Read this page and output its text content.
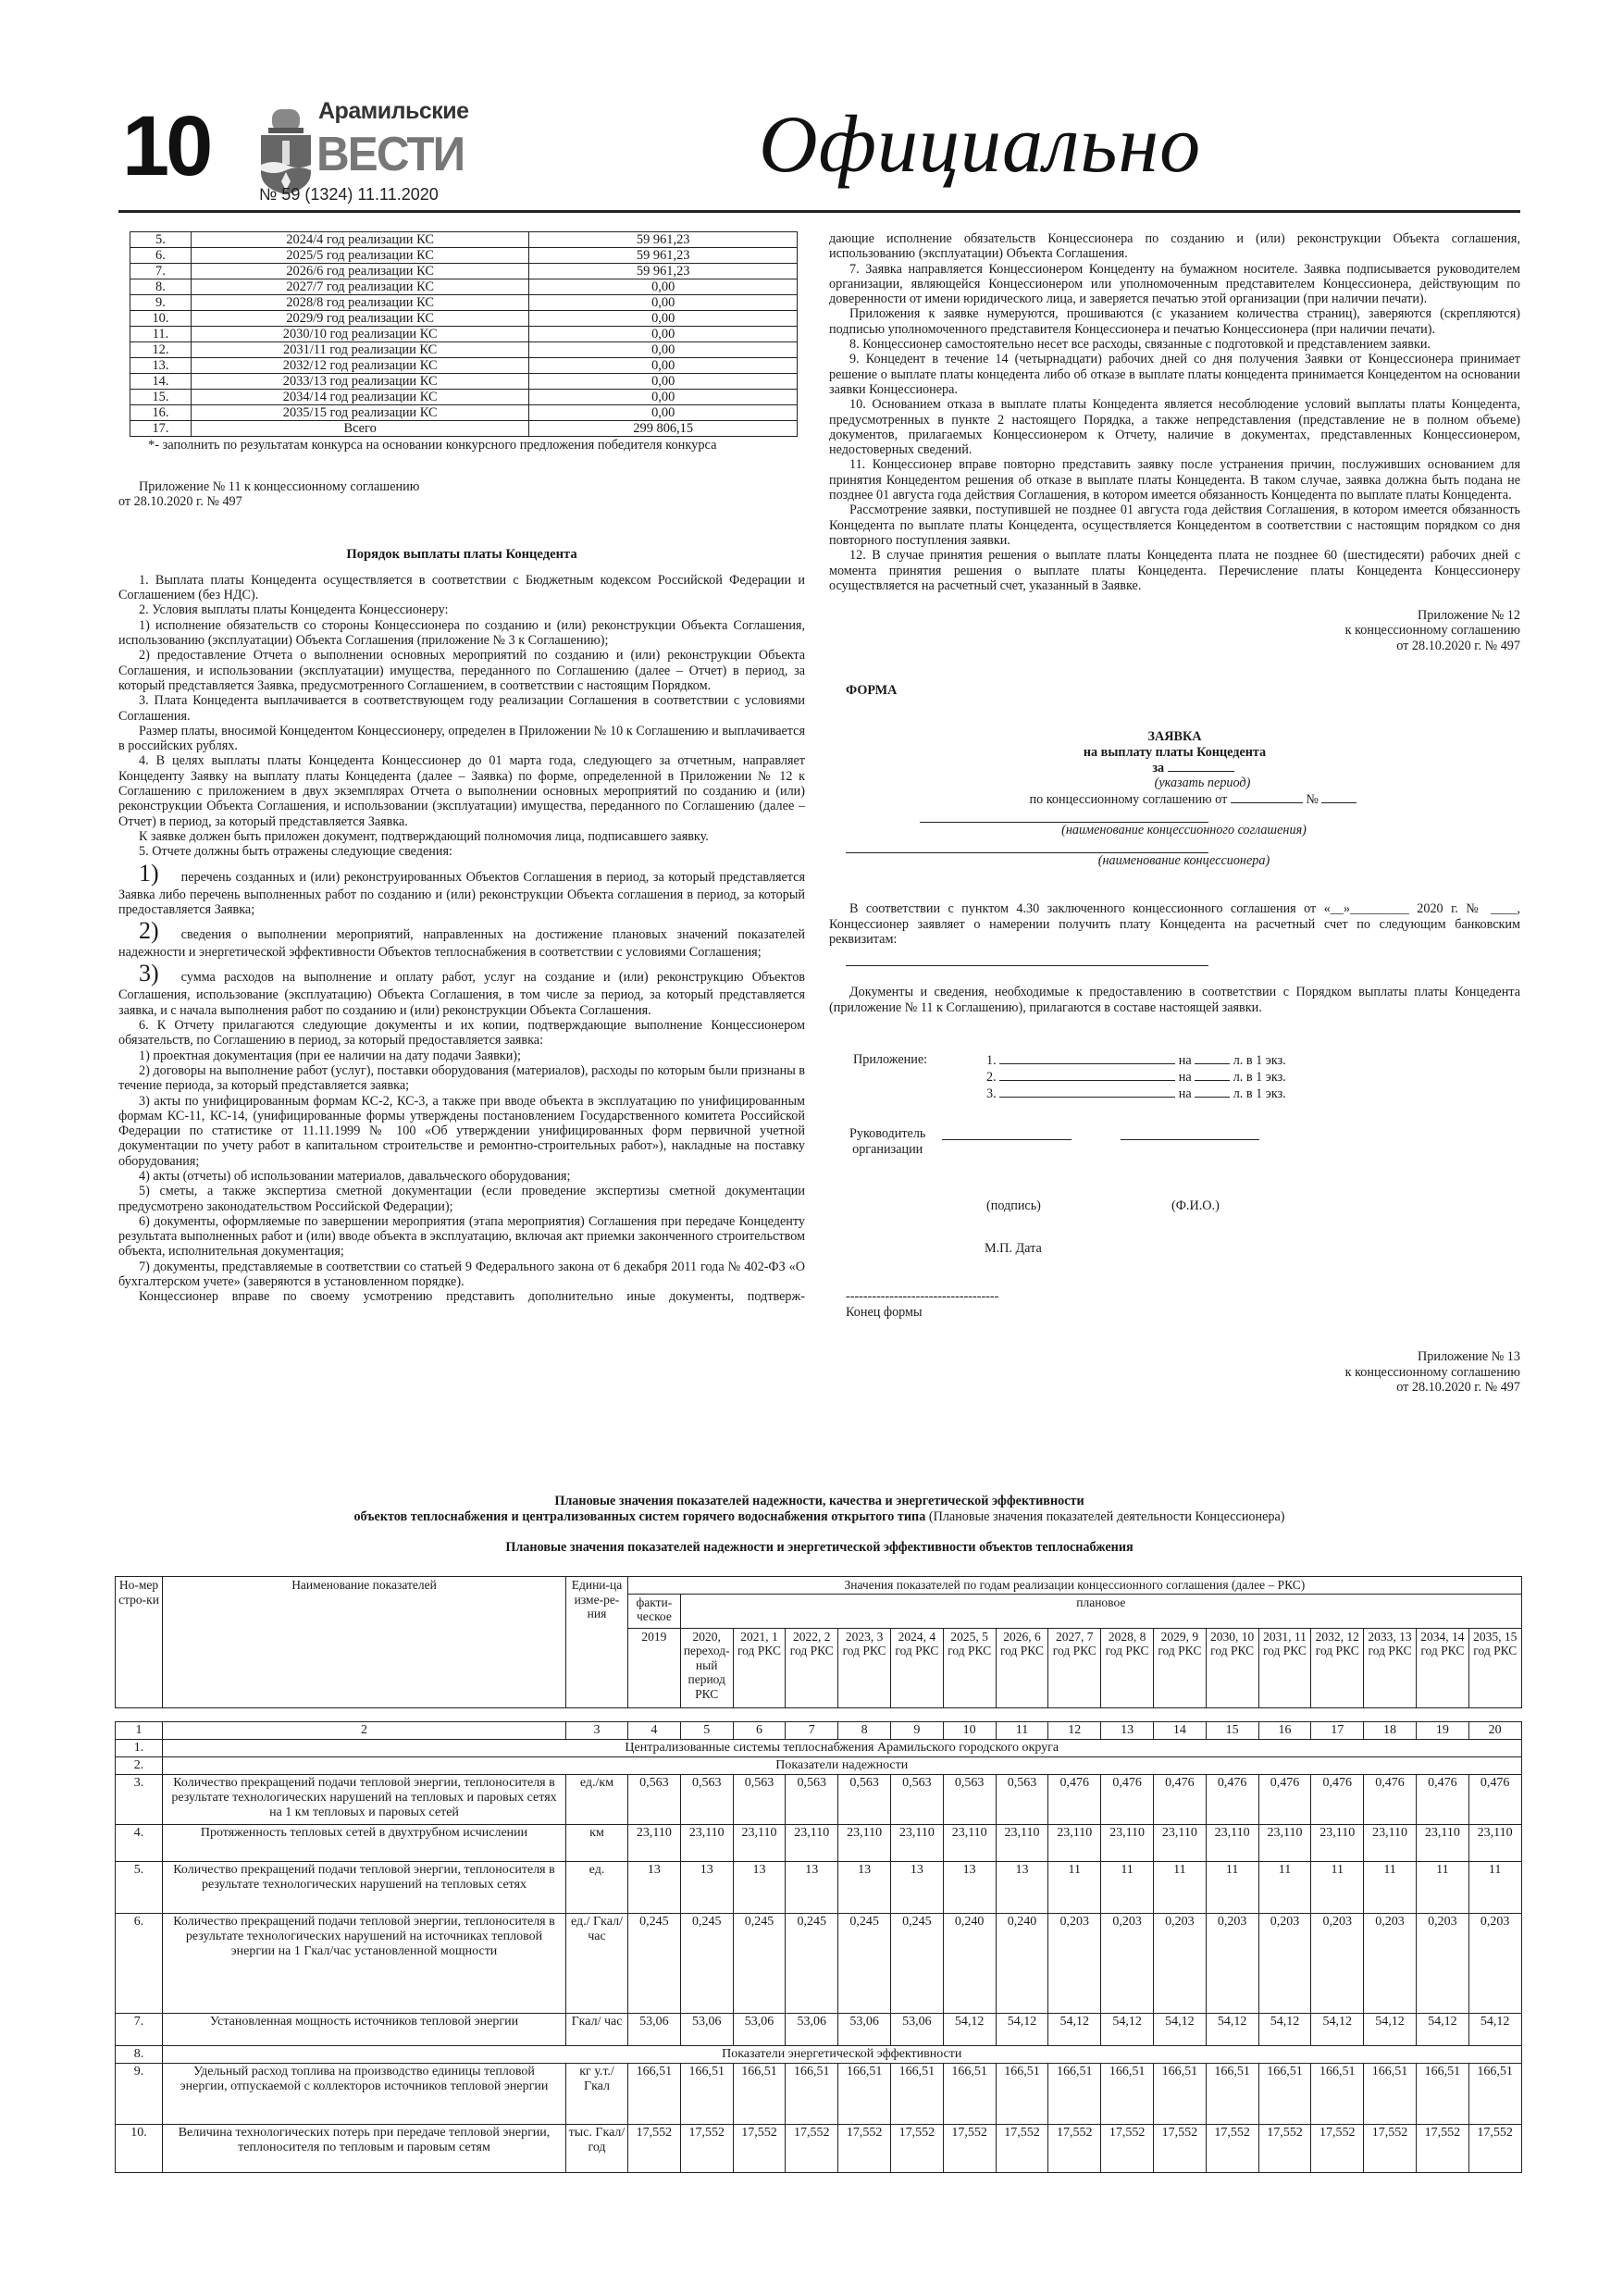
10	Арамильские
ВЕСТИ
№ 59 (1324) 11.11.2020
Официально
5.	2024/4 год реализации КС	59 961,23
6.	2025/5 год реализации КС	59 961,23
7.	2026/6 год реализации КС	59 961,23
8.	2027/7 год реализации КС	0,00
9.	2028/8 год реализации КС	0,00
10.	2029/9 год реализации КС	0,00
11.	2030/10 год реализации КС	0,00
12.	2031/11 год реализации КС	0,00
13.	2032/12 год реализации КС	0,00
14.	2033/13 год реализации КС	0,00
15.	2034/14 год реализации КС	0,00
16.	2035/15 год реализации КС	0,00
17.	Всего	299 806,15
*- заполнить по результатам конкурса на основании конкурсного предложения победителя конкурса
Приложение № 11 к концессионному соглашению
от 28.10.2020 г. № 497
Порядок выплаты платы Концедента

1. Выплата платы Концедента осуществляется в соответствии с Бюджетным кодексом Российской Федерации и Соглашением (без НДС).

2. Условия выплаты платы Концедента Концессионеру:

1) исполнение обязательств со стороны Концессионера по созданию и (или) реконструкции Объекта Соглашения, использованию (эксплуатации) Объекта Соглашения (приложение № 3 к Соглашению);

2) предоставление Отчета о выполнении основных мероприятий по созданию и (или) реконструкции Объекта Соглашения, и использовании (эксплуатации) имущества, переданного по Соглашению (далее – Отчет) в период, за который представляется Заявка, предусмотренного Соглашением, в соответствии с настоящим Порядком.

3. Плата Концедента выплачивается в соответствующем году реализации Соглашения в соответствии с условиями Соглашения.

Размер платы, вносимой Концедентом Концессионеру, определен в Приложении № 10 к Соглашению и выплачивается в российских рублях.

4. В целях выплаты платы Концедента Концессионер до 01 марта года, следующего за отчетным, направляет Концеденту Заявку на выплату платы Концедента (далее – Заявка) по форме, определенной в Приложении № 12 к Соглашению с приложением в двух экземплярах Отчета о выполнении основных мероприятий по созданию и (или) реконструкции Объекта Соглашения, и использовании (эксплуатации) имущества, переданного по Соглашению (далее – Отчет) в период, за который представляется Заявка.

К заявке должен быть приложен документ, подтверждающий полномочия лица, подписавшего заявку.

5. Отчете должны быть отражены следующие сведения:

1) перечень созданных и (или) реконструированных Объектов Соглашения в период, за который представляется Заявка либо перечень выполненных работ по созданию и (или) реконструкции Объекта соглашения в период, за который предоставляется Заявка;

2) сведения о выполнении мероприятий, направленных на достижение плановых значений показателей надежности и энергетической эффективности Объектов теплоснабжения в соответствии с условиями Соглашения;

3) сумма расходов на выполнение и оплату работ, услуг на создание и (или) реконструкцию Объектов Соглашения, использование (эксплуатацию) Объекта Соглашения, в том числе за период, за который представляется заявка, и с начала выполнения работ по созданию и (или) реконструкции Объекта Соглашения.

6. К Отчету прилагаются следующие документы и их копии, подтверждающие выполнение Концессионером обязательств, по Соглашению в период, за который предоставляется заявка:

1) проектная документация (при ее наличии на дату подачи Заявки);

2) договоры на выполнение работ (услуг), поставки оборудования (материалов), расходы по которым были признаны в течение периода, за который представляется заявка;

3) акты по унифицированным формам КС-2, КС-3, а также при вводе объекта в эксплуатацию по унифицированным формам КС-11, КС-14, (унифицированные формы утверждены постановлением Государственного комитета Российской Федерации по статистике от 11.11.1999 № 100 «Об утверждении унифицированных форм первичной учетной документации по учету работ в капитальном строительстве и ремонтно-строительных работ»), накладные на поставку оборудования;

4) акты (отчеты) об использовании материалов, давальческого оборудования;

5) сметы, а также экспертиза сметной документации (если проведение экспертизы сметной документации предусмотрено законодательством Российской Федерации);

6) документы, оформляемые по завершении мероприятия (этапа мероприятия) Соглашения при передаче Концеденту результата выполненных работ и (или) вводе объекта в эксплуатацию, включая акт приемки законченного строительством объекта, исполнительная документация;

7) документы, представляемые в соответствии со статьей 9 Федерального закона от 6 декабря 2011 года № 402-ФЗ «О бухгалтерском учете» (заверяются в установленном порядке).

Концессионер вправе по своему усмотрению представить дополнительно иные документы, подтверж-

дающие исполнение обязательств Концессионера по созданию и (или) реконструкции Объекта соглашения, использованию (эксплуатации) Объекта Соглашения.

7. Заявка направляется Концессионером Концеденту на бумажном носителе. Заявка подписывается руководителем организации, являющейся Концессионером или уполномоченным представителем Концессионера, действующим по доверенности от имени юридического лица, и заверяется печатью этой организации (при наличии печати).

Приложения к заявке нумеруются, прошиваются (с указанием количества страниц), заверяются (скрепляются) подписью уполномоченного представителя Концессионера и печатью Концессионера (при наличии печати).

8. Концессионер самостоятельно несет все расходы, связанные с подготовкой и представлением заявки.

9. Концедент в течение 14 (четырнадцати) рабочих дней со дня получения Заявки от Концессионера принимает решение о выплате платы концедента либо об отказе в выплате платы концедента принимается Концедентом на основании заявки Концессионера.

10. Основанием отказа в выплате платы Концедента является несоблюдение условий выплаты платы Концедента, предусмотренных в пункте 2 настоящего Порядка, а также непредставления (представление не в полном объеме) документов, прилагаемых Концессионером к Отчету, наличие в документах, представленных Концессионером, недостоверных сведений.

11. Концессионер вправе повторно представить заявку после устранения причин, послуживших основанием для принятия Концедентом решения об отказе в выплате платы Концедента. В таком случае, заявка должна быть подана не позднее 01 августа года действия Соглашения, в котором имеется обязанность Концедента по выплате платы Концедента.

Рассмотрение заявки, поступившей не позднее 01 августа года действия Соглашения, в котором имеется обязанность Концедента по выплате платы Концедента, осуществляется Концедентом в соответствии с настоящим порядком со дня повторного поступления заявки.

12. В случае принятия решения о выплате платы Концедента плата не позднее 60 (шестидесяти) рабочих дней с момента принятия решения о выплате платы Концедента. Перечисление платы Концедента Концессионеру осуществляется на расчетный счет, указанный в Заявке.

Приложение № 12
к концессионному соглашению
от 28.10.2020 г. № 497
ФОРМА
ЗАЯВКА
на выплату платы Концедента
за
(указать период)
по концессионному соглашению от	№
(наименование концессионного соглашения)
(наименование концессионера)

В соответствии с пунктом 4.30 заключенного концессионного соглашения от «__»_________ 2020 г. № ____, Концессионер заявляет о намерении получить плату Концедента на расчетный счет по следующим банковским реквизитам:

Документы и сведения, необходимые к предоставлению в соответствии с Порядком выплаты платы Концедента (приложение № 11 к Соглашению), прилагаются в составе настоящей заявки.

Приложение:	1.	на	л. в 1 экз.
2.	на	л. в 1 экз.
3.	на	л. в 1 экз.
Руководитель
организации
(подпись)	(Ф.И.О.)
М.П. Дата
-----------------------------------
Конец формы
Приложение № 13
к концессионному соглашению
от 28.10.2020 г. № 497
Плановые значения показателей надежности, качества и энергетической эффективности
объектов теплоснабжения и централизованных систем горячего водоснабжения открытого типа (Плановые значения показателей деятельности Концессионера)
Плановые значения показателей надежности и энергетической эффективности объектов теплоснабжения
Но-мер стро-ки	Наименование показателей	Едини-ца изме-ре-ния	Значения показателей по годам реализации концессионного соглашения (далее – РКС)																
			факти-ческое	плановое															
			2019	2020, переход-ный период РКС	2021, 1 год РКС	2022, 2 год РКС	2023, 3 год РКС	2024, 4 год РКС	2025, 5 год РКС	2026, 6 год РКС	2027, 7 год РКС	2028, 8 год РКС	2029, 9 год РКС	2030, 10 год РКС	2031, 11 год РКС	2032, 12 год РКС	2033, 13 год РКС	2034, 14 год РКС	2035, 15 год РКС
1	2	3	4	5	6	7	8	9	10	11	12	13	14	15	16	17	18	19	20
1.	Централизованные системы теплоснабжения Арамильского городского округа																		
2.	Показатели надежности																		
3.	Количество прекращений подачи тепловой энергии, теплоносителя в результате технологических нарушений на тепловых и паровых сетях на 1 км тепловых и паровых сетей	ед./км	0,563	0,563	0,563	0,563	0,563	0,563	0,563	0,563	0,476	0,476	0,476	0,476	0,476	0,476	0,476	0,476	0,476
4.	Протяженность тепловых сетей в двухтрубном исчислении	км	23,110	23,110	23,110	23,110	23,110	23,110	23,110	23,110	23,110	23,110	23,110	23,110	23,110	23,110	23,110	23,110	23,110
5.	Количество прекращений подачи тепловой энергии, теплоносителя в результате технологических нарушений на тепловых сетях	ед.	13	13	13	13	13	13	13	13	11	11	11	11	11	11	11	11	11
6.	Количество прекращений подачи тепловой энергии, теплоносителя в результате технологических нарушений на источниках тепловой энергии на 1 Гкал/час установленной мощности	ед./ Гкал/ час	0,245	0,245	0,245	0,245	0,245	0,245	0,240	0,240	0,203	0,203	0,203	0,203	0,203	0,203	0,203	0,203	0,203
7.	Установленная мощность источников тепловой энергии	Гкал/ час	53,06	53,06	53,06	53,06	53,06	53,06	54,12	54,12	54,12	54,12	54,12	54,12	54,12	54,12	54,12	54,12	54,12
8.	Показатели энергетической эффективности																		
9.	Удельный расход топлива на производство единицы тепловой энергии, отпускаемой с коллекторов источников тепловой энергии	кг у.т./ Гкал	166,51	166,51	166,51	166,51	166,51	166,51	166,51	166,51	166,51	166,51	166,51	166,51	166,51	166,51	166,51	166,51	166,51
10.	Величина технологических потерь при передаче тепловой энергии, теплоносителя по тепловым и паровым сетям	тыс. Гкал/ год	17,552	17,552	17,552	17,552	17,552	17,552	17,552	17,552	17,552	17,552	17,552	17,552	17,552	17,552	17,552	17,552	17,552
